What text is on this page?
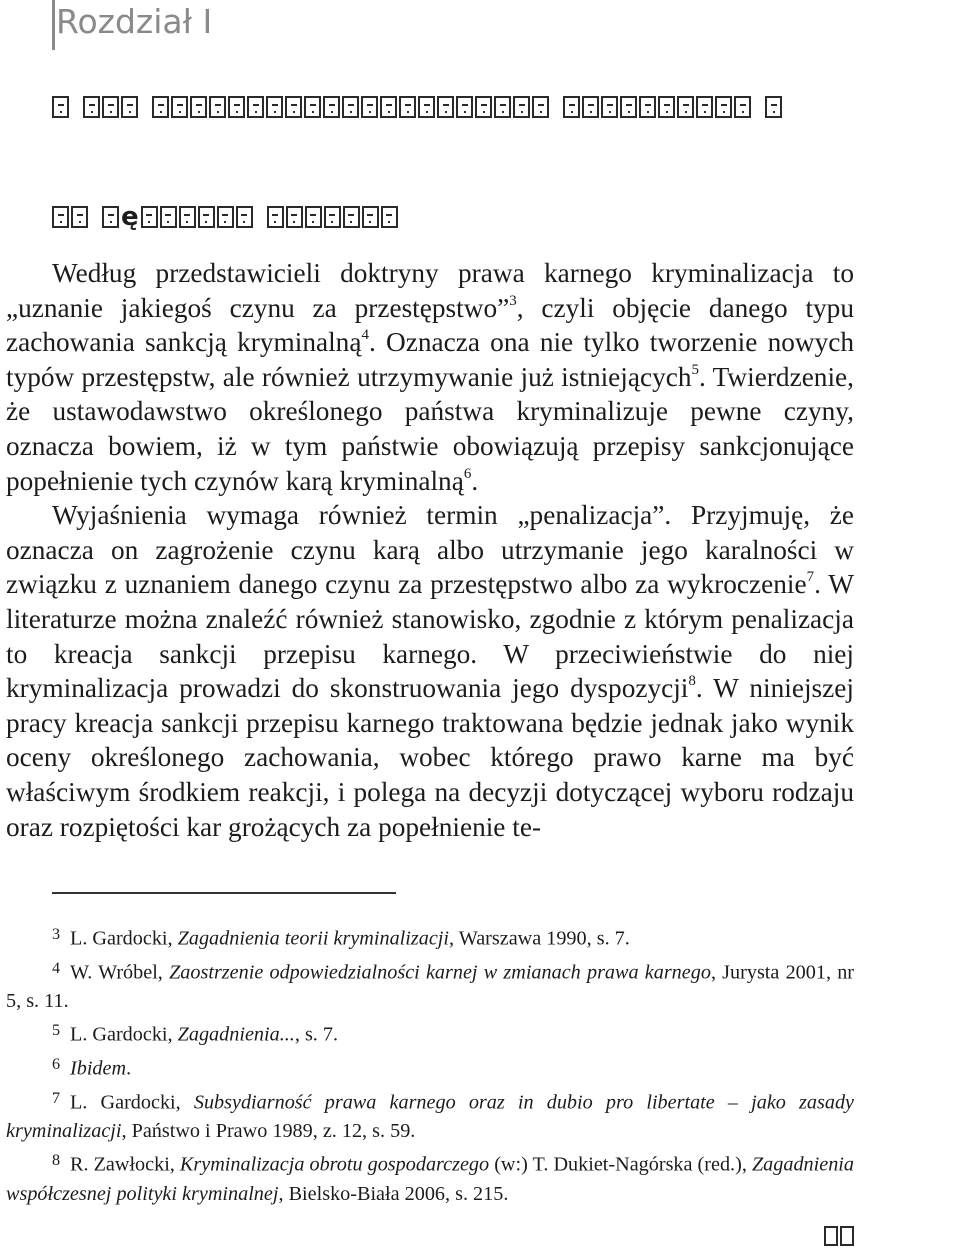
Rozdział I
ę

Według przedstawicieli doktryny prawa karnego kryminalizacja to „uznanie jakiegoś czynu za przestępstwo”$^3$, czyli objęcie danego typu zachowania sankcją kryminalną$^4$. Oznacza ona nie tylko tworzenie nowych typów przestępstw, ale również utrzymywanie już istniejących$^5$. Twierdzenie, że ustawodawstwo określonego państwa kryminalizuje pewne czyny, oznacza bowiem, iż w tym państwie obowiązują przepisy sankcjonujące popełnienie tych czynów karą kryminalną$^6$.

Wyjaśnienia wymaga również termin „penalizacja”. Przyjmuję, że oznacza on zagrożenie czynu karą albo utrzymanie jego karalności w związku z uznaniem danego czynu za przestępstwo albo za wykroczenie$^7$. W literaturze można znaleźć również stanowisko, zgodnie z którym penalizacja to kreacja sankcji przepisu karnego. W przeciwieństwie do niej kryminalizacja prowadzi do skonstruowania jego dyspozycji$^8$. W niniejszej pracy kreacja sankcji przepisu karnego traktowana będzie jednak jako wynik oceny określonego zachowania, wobec którego prawo karne ma być właściwym środkiem reakcji, i polega na decyzji dotyczącej wyboru rodzaju oraz rozpiętości kar grożących za popełnienie te-

3 L. Gardocki, Zagadnienia teorii kryminalizacji, Warszawa 1990, s. 7.

4 W. Wróbel, Zaostrzenie odpowiedzialności karnej w zmianach prawa karnego, Jurysta 2001, nr 5, s. 11.

5 L. Gardocki, Zagadnienia..., s. 7.

6 Ibidem.

7 L. Gardocki, Subsydiarność prawa karnego oraz in dubio pro libertate – jako zasady kryminalizacji, Państwo i Prawo 1989, z. 12, s. 59.

8 R. Zawłocki, Kryminalizacja obrotu gospodarczego (w:) T. Dukiet-Nagórska (red.), Zagadnienia współczesnej polityki kryminalnej, Bielsko-Biała 2006, s. 215.
